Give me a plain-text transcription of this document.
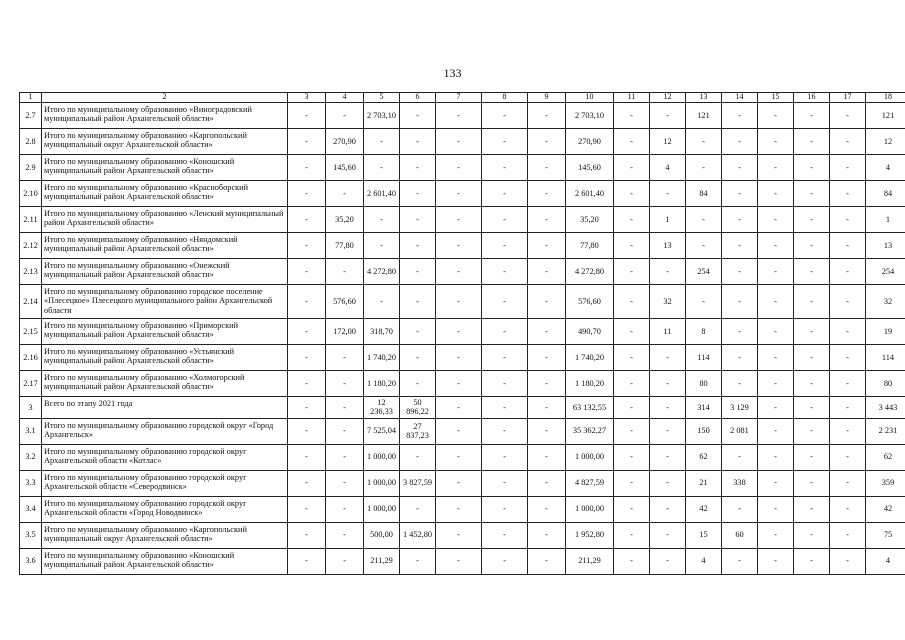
133
1	2	3	4	5	6	7	8	9	10	11	12	13	14	15	16	17	18
2.7	Итого по муниципальному образованию «Виноградовский муниципальный район Архангельской области»	-	-	2 703,10	-	-	-	-	2 703,10	-	-	121	-	-	-	-	121
2.8	Итого по муниципальному образованию «Каргопольский муниципальный округ Архангельской области»	-	270,90	-	-	-	-	-	270,90	-	12	-	-	-	-	-	12
2.9	Итого по муниципальному образованию «Коношский муниципальный район Архангельской области»	-	145,60	-	-	-	-	-	145,60	-	4	-	-	-	-	-	4
2.10	Итого по муниципальному образованию «Красноборский муниципальный район Архангельской области»	-	-	2 601,40	-	-	-	-	2 601,40	-	-	84	-	-	-	-	84
2.11	Итого по муниципальному образованию «Ленский муниципальный район Архангельской области»	-	35,20	-	-	-	-	-	35,20	-	1	-	-	-	-	-	1
2.12	Итого по муниципальному образованию «Няндомский муниципальный район Архангельской области»	-	77,80	-	-	-	-	-	77,80	-	13	-	-	-	-	-	13
2.13	Итого по муниципальному образованию «Онежский муниципальный район Архангельской области»	-	-	4 272,80	-	-	-	-	4 272,80	-	-	254	-	-	-	-	254
2.14	Итого по муниципальному образованию городское поселение «Плесецкое» Плесецкого муниципального район Архангельской области	-	576,60	-	-	-	-	-	576,60	-	32	-	-	-	-	-	32
2.15	Итого по муниципальному образованию «Приморский муниципальный район Архангельской области»	-	172,00	318,70	-	-	-	-	490,70	-	11	8	-	-	-	-	19
2.16	Итого по муниципальному образованию «Устьянский муниципальный район Архангельской области»	-	-	1 740,20	-	-	-	-	1 740,20	-	-	114	-	-	-	-	114
2.17	Итого по муниципальному образованию «Холмогорский муниципальный район Архангельской области»	-	-	1 180,20	-	-	-	-	1 180,20	-	-	80	-	-	-	-	80
3	Всего по этапу 2021 года	-	-	12 236,33	50 896,22	-	-	-	63 132,55	-	-	314	3 129	-	-	-	3 443
3.1	Итого по муниципальному образованию городской округ «Город Архангельск»	-	-	7 525,04	27 837,23	-	-	-	35 362,27	-	-	150	2 081	-	-	-	2 231
3.2	Итого по муниципальному образованию городской округ Архангельской области «Котлас»	-	-	1 000,00	-	-	-	-	1 000,00	-	-	62	-	-	-	-	62
3.3	Итого по муниципальному образованию городской округ Архангельской области «Северодвинск»	-	-	1 000,00	3 827,59	-	-	-	4 827,59	-	-	21	338	-	-	-	359
3.4	Итого по муниципальному образованию городской округ Архангельской области «Город Новодвинск»	-	-	1 000,00	-	-	-	-	1 000,00	-	-	42	-	-	-	-	42
3.5	Итого по муниципальному образованию «Каргопольский муниципальный округ Архангельской области»	-	-	500,00	1 452,80	-	-	-	1 952,80	-	-	15	60	-	-	-	75
3.6	Итого по муниципальному образованию «Коношский муниципальный район Архангельской области»	-	-	211,29	-	-	-	-	211,29	-	-	4	-	-	-	-	4
